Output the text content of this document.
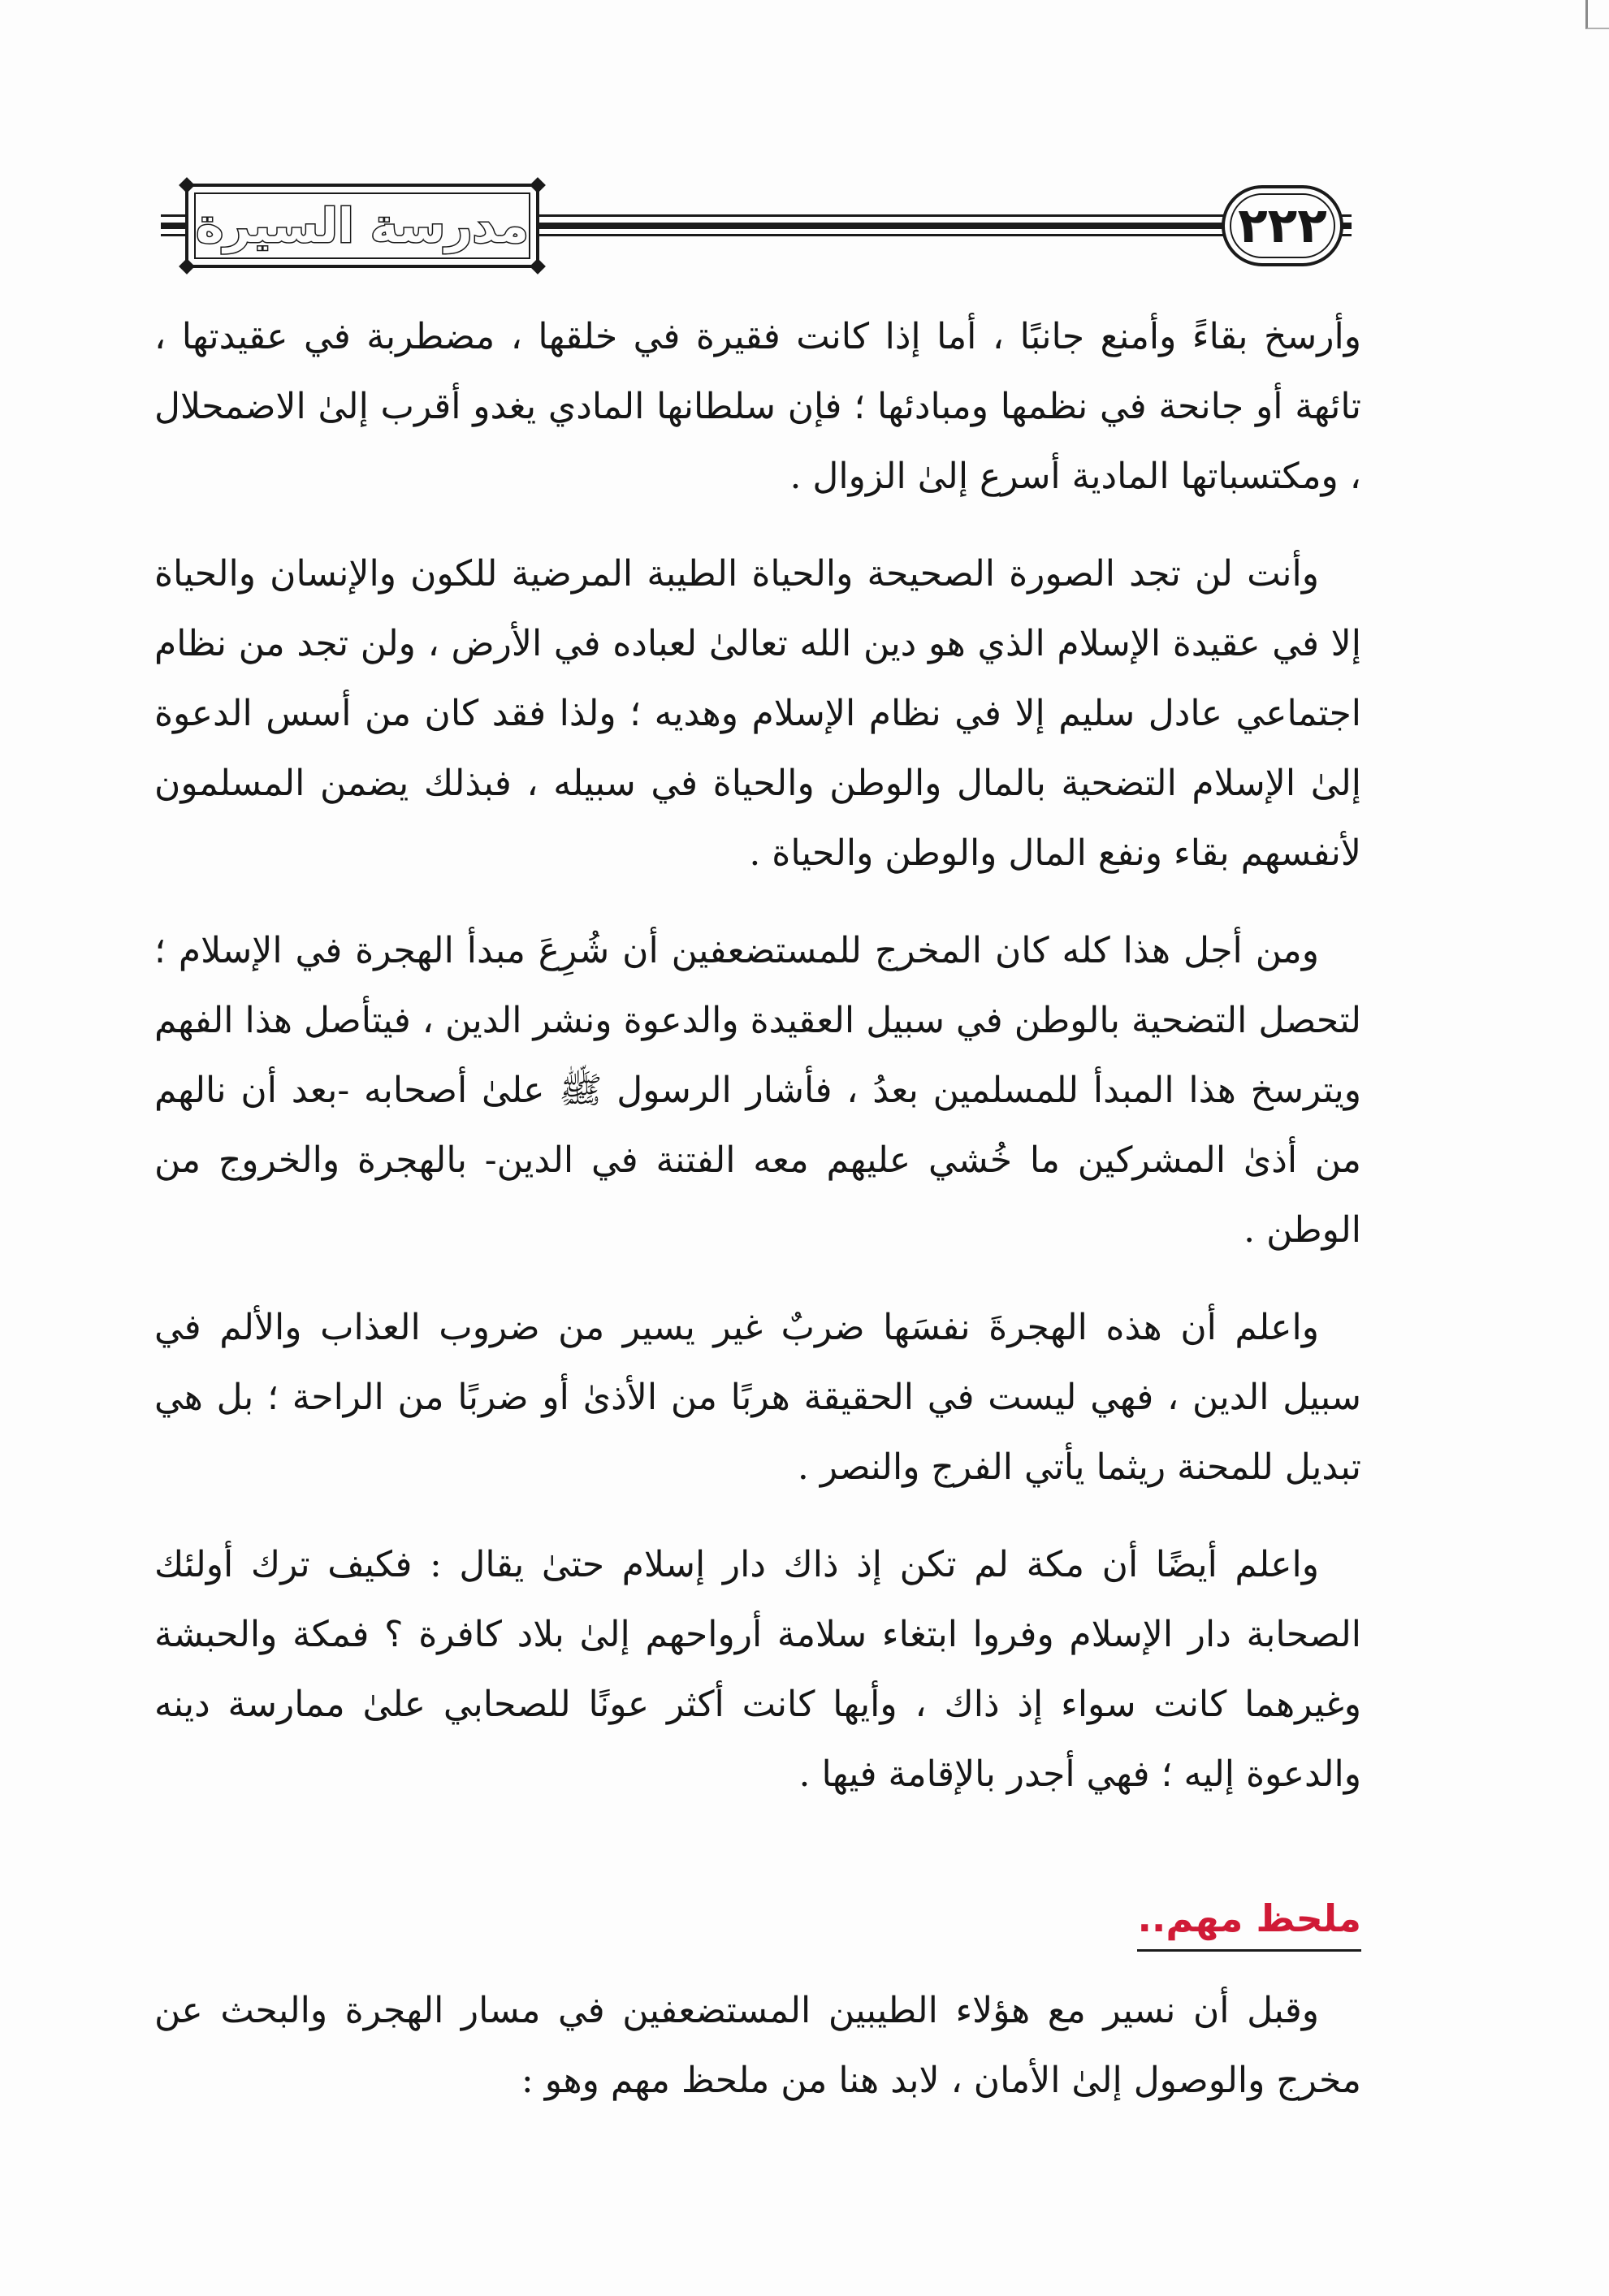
مدرسة السيرة	٢٢٢

وأرسخ بقاءً وأمنع جانبًا ، أما إذا كانت فقيرة في خلقها ، مضطربة في عقيدتها ، تائهة أو جانحة في نظمها ومبادئها ؛ فإن سلطانها المادي يغدو أقرب إلىٰ الاضمحلال ، ومكتسباتها المادية أسرع إلىٰ الزوال .

وأنت لن تجد الصورة الصحيحة والحياة الطيبة المرضية للكون والإنسان والحياة إلا في عقيدة الإسلام الذي هو دين الله تعالىٰ لعباده في الأرض ، ولن تجد من نظام اجتماعي عادل سليم إلا في نظام الإسلام وهديه ؛ ولذا فقد كان من أسس الدعوة إلىٰ الإسلام التضحية بالمال والوطن والحياة في سبيله ، فبذلك يضمن المسلمون لأنفسهم بقاء ونفع المال والوطن والحياة .

ومن أجل هذا كله كان المخرج للمستضعفين أن شُرِعَ مبدأ الهجرة في الإسلام ؛ لتحصل التضحية بالوطن في سبيل العقيدة والدعوة ونشر الدين ، فيتأصل هذا الفهم ويترسخ هذا المبدأ للمسلمين بعدُ ، فأشار الرسول ﷺ علىٰ أصحابه -بعد أن نالهم من أذىٰ المشركين ما خُشي عليهم معه الفتنة في الدين- بالهجرة والخروج من الوطن .

واعلم أن هذه الهجرةَ نفسَها ضربٌ غير يسير من ضروب العذاب والألم في سبيل الدين ، فهي ليست في الحقيقة هربًا من الأذىٰ أو ضربًا من الراحة ؛ بل هي تبديل للمحنة ريثما يأتي الفرج والنصر .

واعلم أيضًا أن مكة لم تكن إذ ذاك دار إسلام حتىٰ يقال : فكيف ترك أولئك الصحابة دار الإسلام وفروا ابتغاء سلامة أرواحهم إلىٰ بلاد كافرة ؟ فمكة والحبشة وغيرهما كانت سواء إذ ذاك ، وأيها كانت أكثر عونًا للصحابي علىٰ ممارسة دينه والدعوة إليه ؛ فهي أجدر بالإقامة فيها .

ملحظ مهم..

وقبل أن نسير مع هؤلاء الطيبين المستضعفين في مسار الهجرة والبحث عن مخرج والوصول إلىٰ الأمان ، لابد هنا من ملحظ مهم وهو :
